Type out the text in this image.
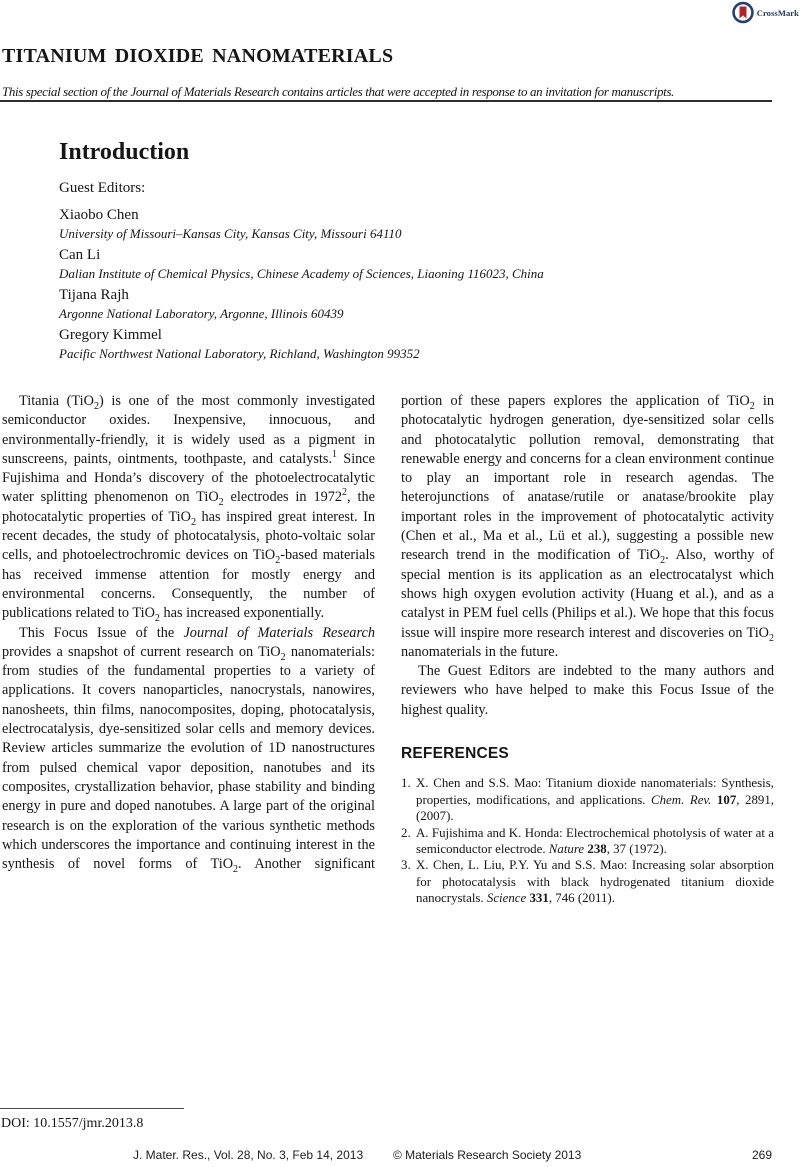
CrossMark
TITANIUM DIOXIDE NANOMATERIALS
This special section of the Journal of Materials Research contains articles that were accepted in response to an invitation for manuscripts.
Introduction

Guest Editors:

Xiaobo Chen
University of Missouri–Kansas City, Kansas City, Missouri 64110
Can Li
Dalian Institute of Chemical Physics, Chinese Academy of Sciences, Liaoning 116023, China
Tijana Rajh
Argonne National Laboratory, Argonne, Illinois 60439
Gregory Kimmel
Pacific Northwest National Laboratory, Richland, Washington 99352

Titania (TiO$_2$) is one of the most commonly investigated semiconductor oxides. Inexpensive, innocuous, and environmentally-friendly, it is widely used as a pigment in sunscreens, paints, ointments, toothpaste, and catalysts.$^1$ Since Fujishima and Honda’s discovery of the photoelectrocatalytic water splitting phenomenon on TiO$_2$ electrodes in 1972$^2$, the photocatalytic properties of TiO$_2$ has inspired great interest. In recent decades, the study of photocatalysis, photo-voltaic solar cells, and photoelectrochromic devices on TiO$_2$-based materials has received immense attention for mostly energy and environmental concerns. Consequently, the number of publications related to TiO$_2$ has increased exponentially.

This Focus Issue of the Journal of Materials Research provides a snapshot of current research on TiO$_2$ nanomaterials: from studies of the fundamental properties to a variety of applications. It covers nanoparticles, nanocrystals, nanowires, nanosheets, thin films, nanocomposites, doping, photocatalysis, electrocatalysis, dye-sensitized solar cells and memory devices. Review articles summarize the evolution of 1D nanostructures from pulsed chemical vapor deposition, nanotubes and its composites, crystallization behavior, phase stability and binding energy in pure and doped nanotubes. A large part of the original research is on the exploration of the various synthetic methods which underscores the importance and continuing interest in the synthesis of novel forms of TiO$_2$. Another significant

portion of these papers explores the application of TiO$_2$ in photocatalytic hydrogen generation, dye-sensitized solar cells and photocatalytic pollution removal, demonstrating that renewable energy and concerns for a clean environment continue to play an important role in research agendas. The heterojunctions of anatase/rutile or anatase/brookite play important roles in the improvement of photocatalytic activity (Chen et al., Ma et al., Lü et al.), suggesting a possible new research trend in the modification of TiO$_2$. Also, worthy of special mention is its application as an electrocatalyst which shows high oxygen evolution activity (Huang et al.), and as a catalyst in PEM fuel cells (Philips et al.). We hope that this focus issue will inspire more research interest and discoveries on TiO$_2$ nanomaterials in the future.

The Guest Editors are indebted to the many authors and reviewers who have helped to make this Focus Issue of the highest quality.

REFERENCES

1. X. Chen and S.S. Mao: Titanium dioxide nanomaterials: Synthesis, properties, modifications, and applications. Chem. Rev. 107, 2891, (2007).

2. A. Fujishima and K. Honda: Electrochemical photolysis of water at a semiconductor electrode. Nature 238, 37 (1972).

3. X. Chen, L. Liu, P.Y. Yu and S.S. Mao: Increasing solar absorption for photocatalysis with black hydrogenated titanium dioxide nanocrystals. Science 331, 746 (2011).

DOI: 10.1557/jmr.2013.8
J. Mater. Res., Vol. 28, No. 3, Feb 14, 2013 © Materials Research Society 2013	269
